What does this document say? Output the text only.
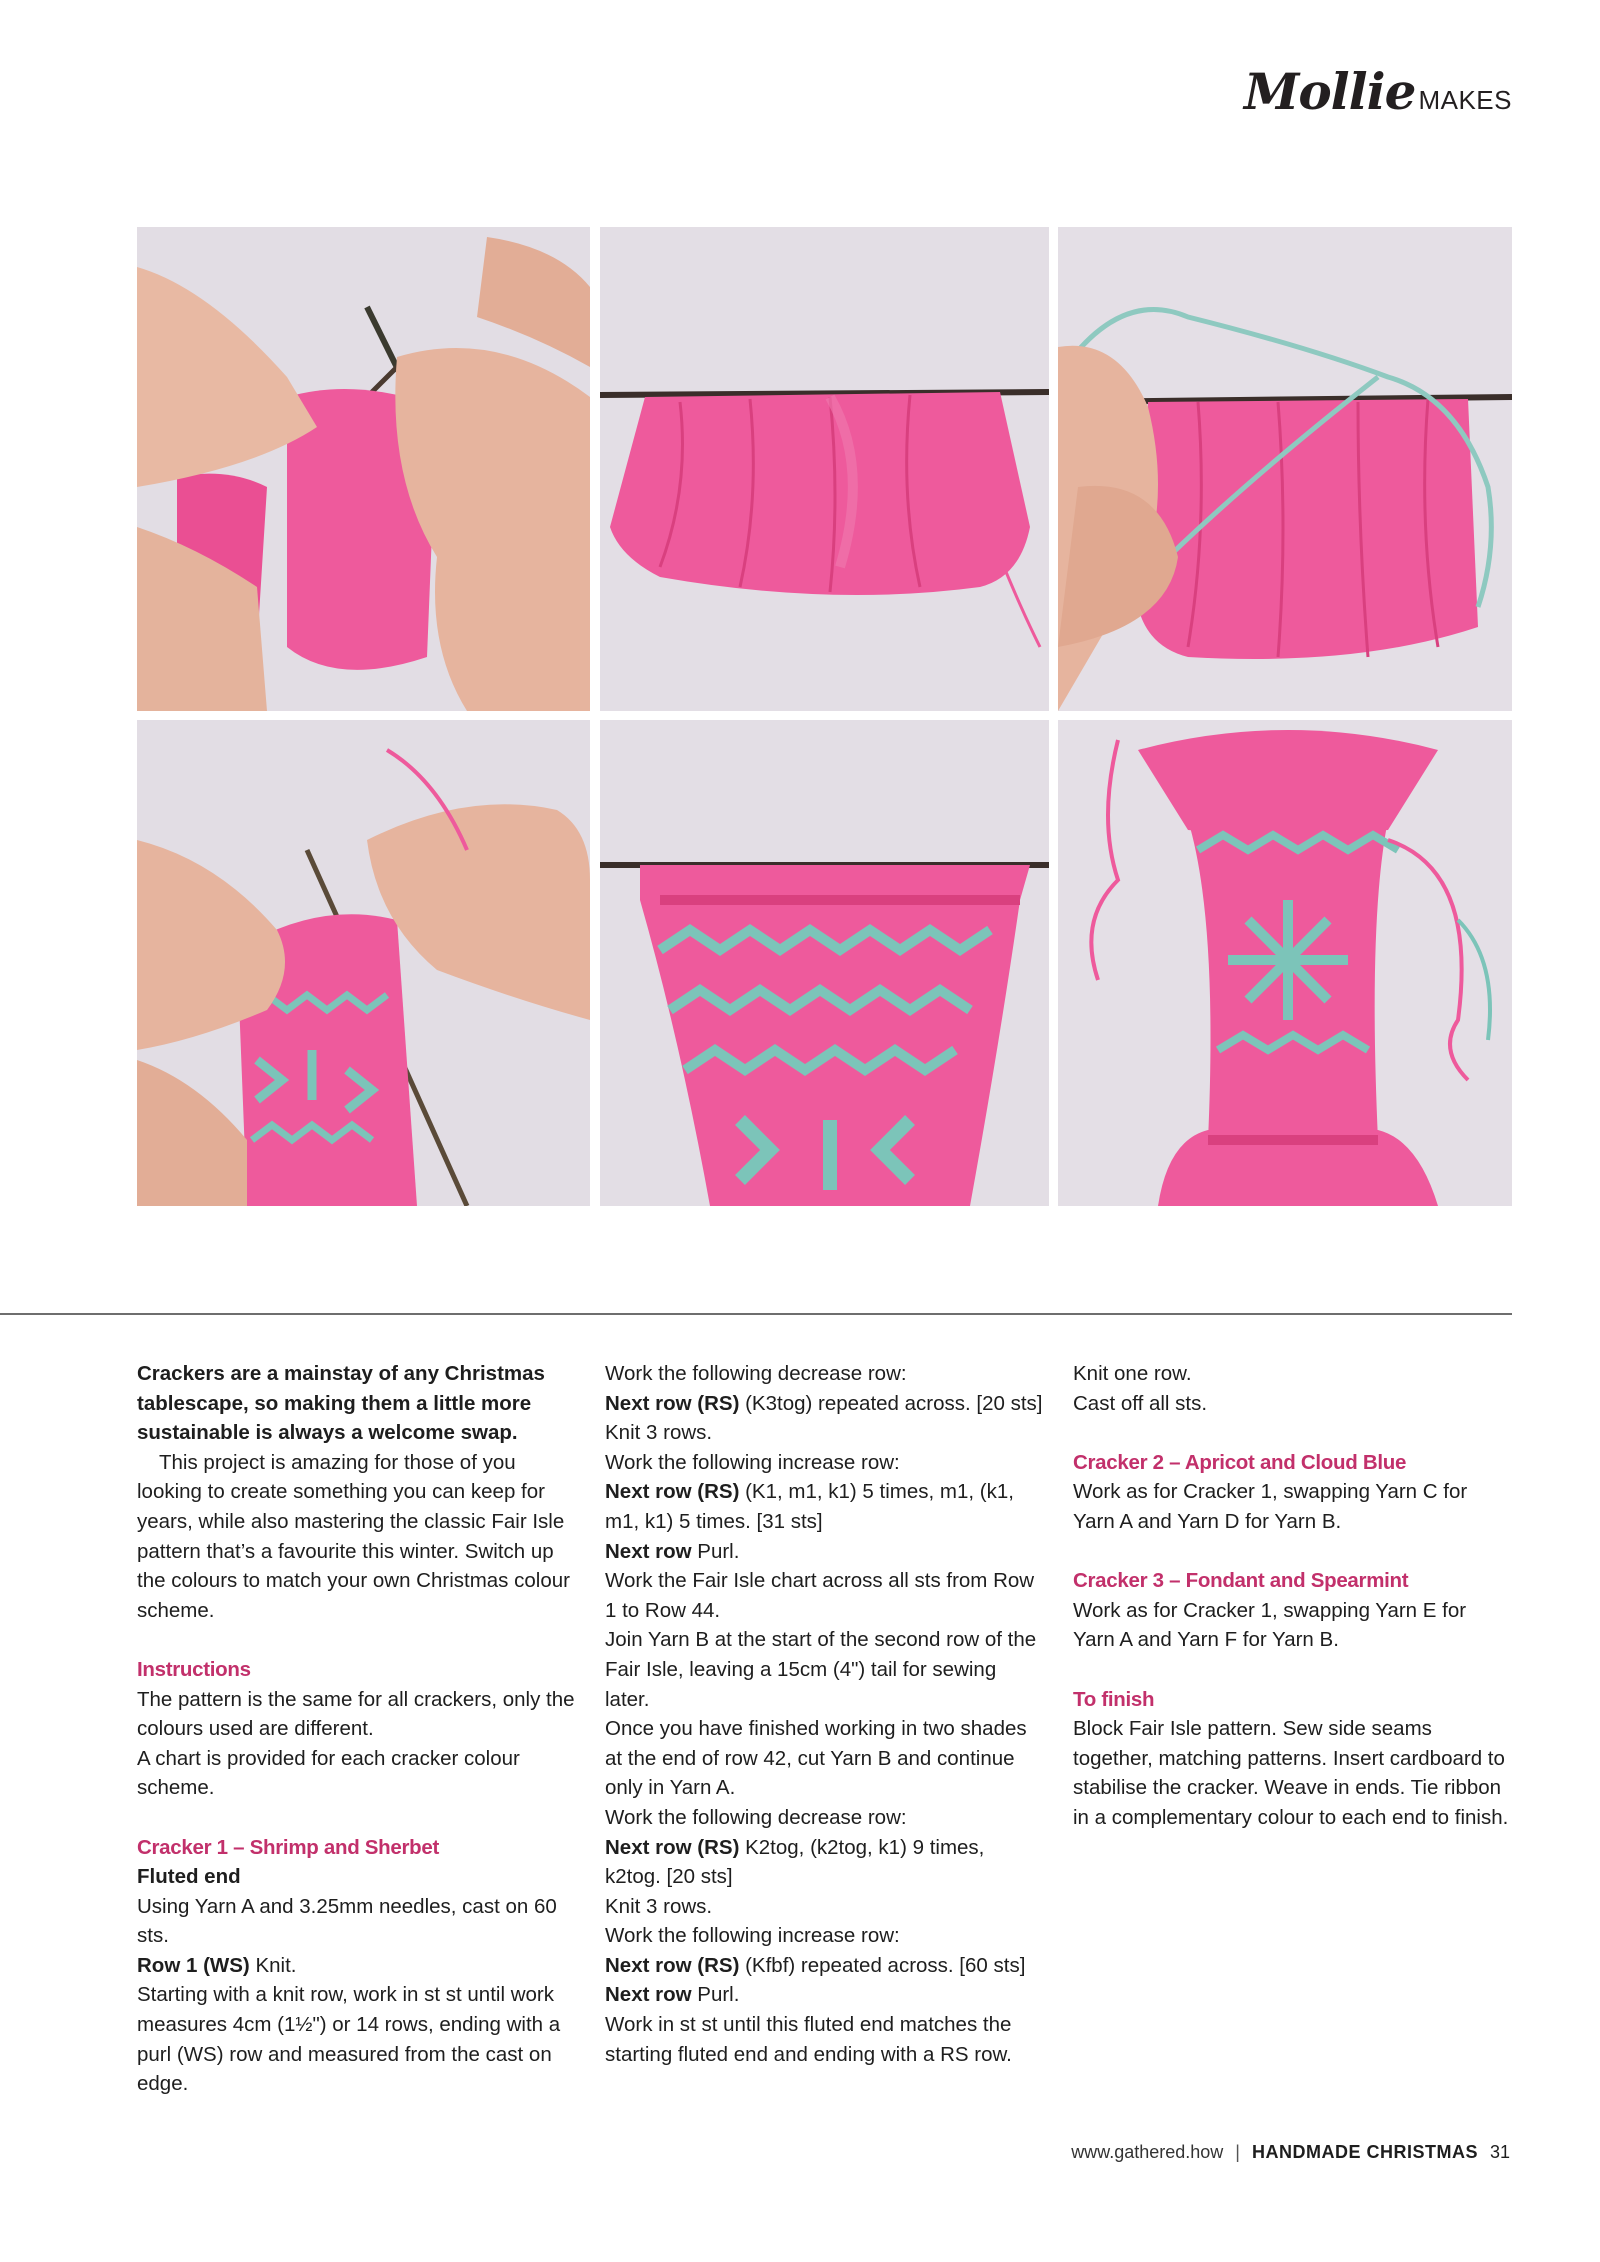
Mollie MAKES

Crackers are a mainstay of any Christmas tablescape, so making them a little more sustainable is always a welcome swap.

This project is amazing for those of you looking to create something you can keep for years, while also mastering the classic Fair Isle pattern that’s a favourite this winter. Switch up the colours to match your own Christmas colour scheme.

Instructions

The pattern is the same for all crackers, only the colours used are different.

A chart is provided for each cracker colour scheme.

Cracker 1 – Shrimp and Sherbet

Fluted end

Using Yarn A and 3.25mm needles, cast on 60 sts.

Row 1 (WS) Knit.

Starting with a knit row, work in st st until work measures 4cm (1½") or 14 rows, ending with a purl (WS) row and measured from the cast on edge.

Work the following decrease row:

Next row (RS) (K3tog) repeated across. [20 sts]

Knit 3 rows.

Work the following increase row:

Next row (RS) (K1, m1, k1) 5 times, m1, (k1, m1, k1) 5 times. [31 sts]

Next row Purl.

Work the Fair Isle chart across all sts from Row 1 to Row 44.

Join Yarn B at the start of the second row of the Fair Isle, leaving a 15cm (4") tail for sewing later.

Once you have finished working in two shades at the end of row 42, cut Yarn B and continue only in Yarn A.

Work the following decrease row:

Next row (RS) K2tog, (k2tog, k1) 9 times, k2tog. [20 sts]

Knit 3 rows.

Work the following increase row:

Next row (RS) (Kfbf) repeated across. [60 sts]

Next row Purl.

Work in st st until this fluted end matches the starting fluted end and ending with a RS row.

Knit one row.

Cast off all sts.

Cracker 2 – Apricot and Cloud Blue

Work as for Cracker 1, swapping Yarn C for Yarn A and Yarn D for Yarn B.

Cracker 3 – Fondant and Spearmint

Work as for Cracker 1, swapping Yarn E for Yarn A and Yarn F for Yarn B.

To finish

Block Fair Isle pattern. Sew side seams together, matching patterns. Insert cardboard to stabilise the cracker. Weave in ends. Tie ribbon in a complementary colour to each end to finish.

www.gathered.how | HANDMADE CHRISTMAS 31
